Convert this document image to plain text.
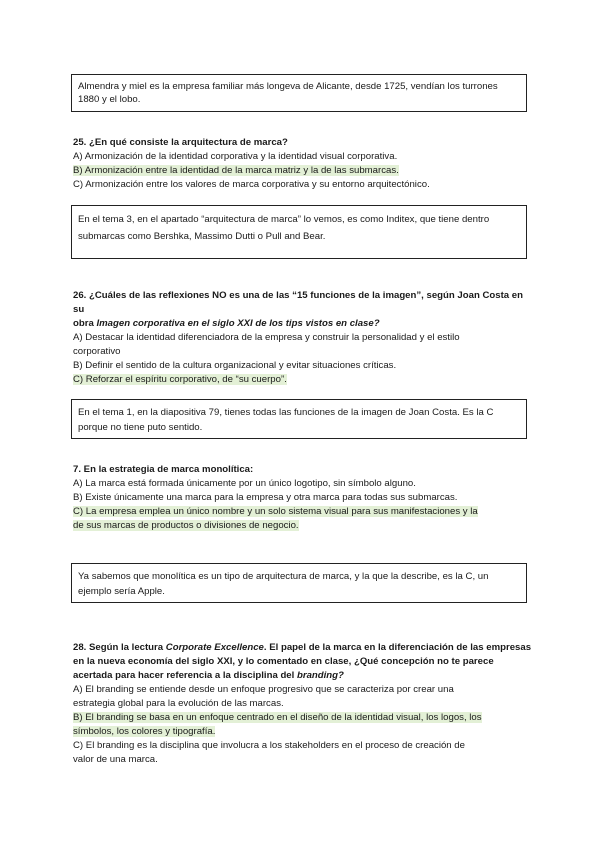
Almendra y miel es la empresa familiar más longeva de Alicante, desde 1725, vendían los turrones
1880 y el lobo.
25. ¿En qué consiste la arquitectura de marca?
A) Armonización de la identidad corporativa y la identidad visual corporativa.
B) Armonización entre la identidad de la marca matriz y la de las submarcas.
C) Armonización entre los valores de marca corporativa y su entorno arquitectónico.
En el tema 3, en el apartado “arquitectura de marca” lo vemos, es como Inditex, que tiene dentro
submarcas como Bershka, Massimo Dutti o Pull and Bear.
26. ¿Cuáles de las reflexiones NO es una de las “15 funciones de la imagen”, según Joan Costa en su
obra Imagen corporativa en el siglo XXI de los tips vistos en clase?
A) Destacar la identidad diferenciadora de la empresa y construir la personalidad y el estilo
corporativo
B) Definir el sentido de la cultura organizacional y evitar situaciones críticas.
C) Reforzar el espíritu corporativo, de “su cuerpo”.
En el tema 1, en la diapositiva 79, tienes todas las funciones de la imagen de Joan Costa. Es la C
porque no tiene puto sentido.
7. En la estrategia de marca monolítica:
A) La marca está formada únicamente por un único logotipo, sin símbolo alguno.
B) Existe únicamente una marca para la empresa y otra marca para todas sus submarcas.
C) La empresa emplea un único nombre y un solo sistema visual para sus manifestaciones y la
de sus marcas de productos o divisiones de negocio.
Ya sabemos que monolítica es un tipo de arquitectura de marca, y la que la describe, es la C, un
ejemplo sería Apple.
28. Según la lectura Corporate Excellence. El papel de la marca en la diferenciación de las empresas
en la nueva economía del siglo XXI, y lo comentado en clase, ¿Qué concepción no te parece
acertada para hacer referencia a la disciplina del branding?
A) El branding se entiende desde un enfoque progresivo que se caracteriza por crear una
estrategia global para la evolución de las marcas.
B) El branding se basa en un enfoque centrado en el diseño de la identidad visual, los logos, los
símbolos, los colores y tipografía.
C) El branding es la disciplina que involucra a los stakeholders en el proceso de creación de
valor de una marca.
